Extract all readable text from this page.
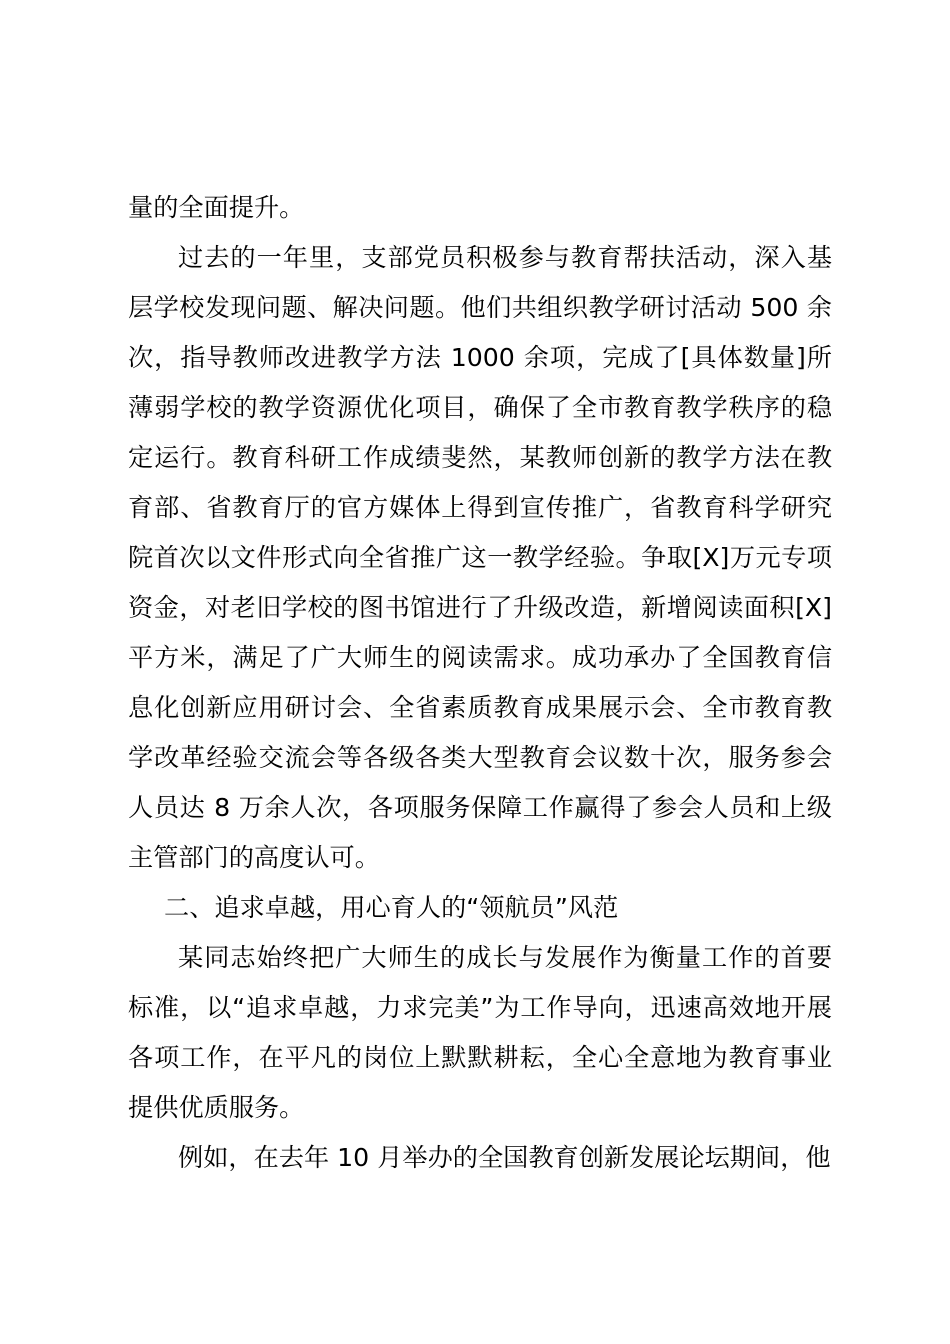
量的全面提升。

过去的一年里，支部党员积极参与教育帮扶活动，深入基层学校发现问题、解决问题。他们共组织教学研讨活动 500 余次，指导教师改进教学方法 1000 余项，完成了[具体数量]所薄弱学校的教学资源优化项目，确保了全市教育教学秩序的稳定运行。教育科研工作成绩斐然，某教师创新的教学方法在教育部、省教育厅的官方媒体上得到宣传推广，省教育科学研究院首次以文件形式向全省推广这一教学经验。争取[X]万元专项资金，对老旧学校的图书馆进行了升级改造，新增阅读面积[X]平方米，满足了广大师生的阅读需求。成功承办了全国教育信息化创新应用研讨会、全省素质教育成果展示会、全市教育教学改革经验交流会等各级各类大型教育会议数十次，服务参会人员达 8 万余人次，各项服务保障工作赢得了参会人员和上级主管部门的高度认可。

二、追求卓越，用心育人的“领航员”风范

某同志始终把广大师生的成长与发展作为衡量工作的首要标准，以“追求卓越，力求完美”为工作导向，迅速高效地开展各项工作，在平凡的岗位上默默耕耘，全心全意地为教育事业提供优质服务。

例如，在去年 10 月举办的全国教育创新发展论坛期间，他
